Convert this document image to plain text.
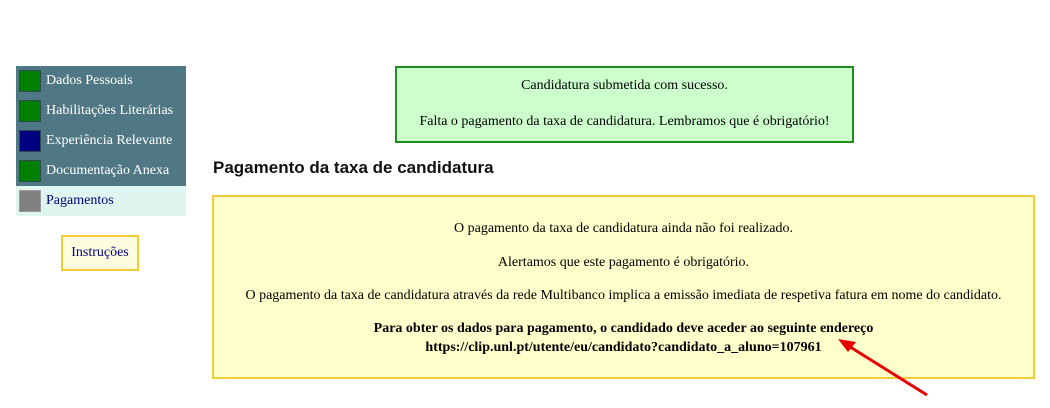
Dados Pessoais
Habilitações Literárias
Experiência Relevante
Documentação Anexa
Pagamentos
Instruções
Candidatura submetida com sucesso.
Falta o pagamento da taxa de candidatura. Lembramos que é obrigatório!
Pagamento da taxa de candidatura
O pagamento da taxa de candidatura ainda não foi realizado.
Alertamos que este pagamento é obrigatório.
O pagamento da taxa de candidatura através da rede Multibanco implica a emissão imediata de respetiva fatura em nome do candidato.
Para obter os dados para pagamento, o candidado deve aceder ao seguinte endereço
https://clip.unl.pt/utente/eu/candidato?candidato_a_aluno=107961
